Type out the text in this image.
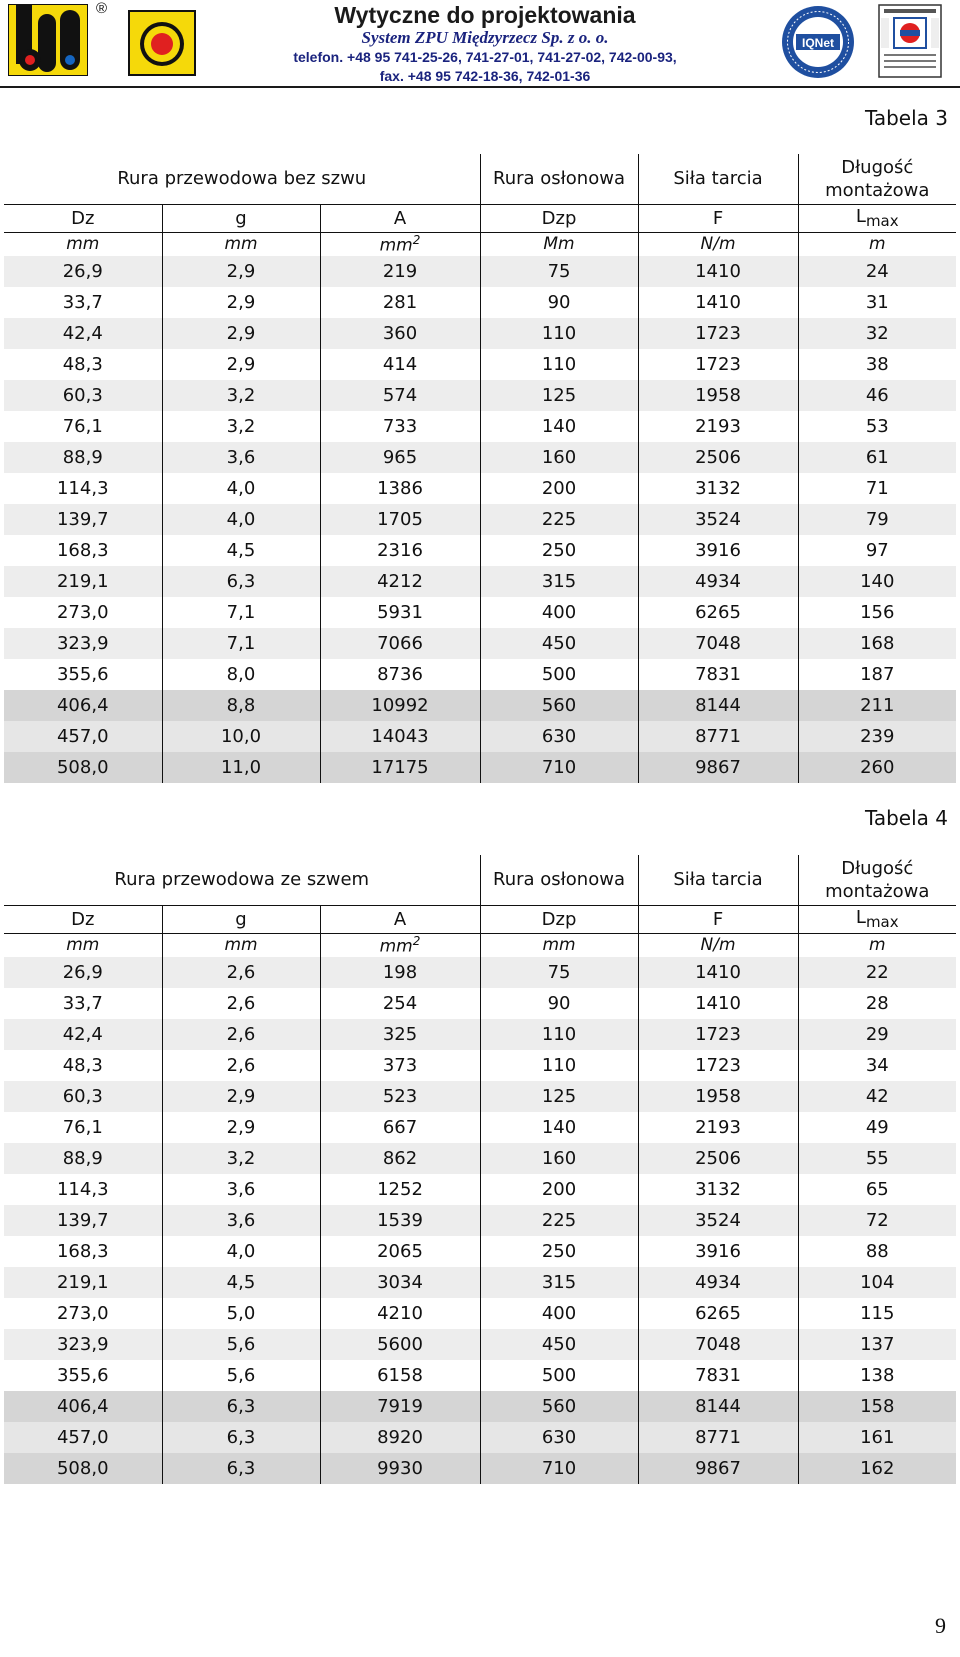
®	Wytyczne do projektowania
System ZPU Międzyrzecz Sp. z o. o.
telefon. +48 95 741-25-26, 741-27-01, 741-27-02, 742-00-93,
fax. +48 95 742-18-36, 742-01-36
IQNet
Tabela 3
Rura przewodowa bez szwu			Rura osłonowa	Siła tarcia	Długość montażowa
Dz	g	A	Dzp	F	$L_{max}$
mm	mm	$mm^2$	Mm	N/m	m
26,9	2,9	219	75	1410	24
33,7	2,9	281	90	1410	31
42,4	2,9	360	110	1723	32
48,3	2,9	414	110	1723	38
60,3	3,2	574	125	1958	46
76,1	3,2	733	140	2193	53
88,9	3,6	965	160	2506	61
114,3	4,0	1386	200	3132	71
139,7	4,0	1705	225	3524	79
168,3	4,5	2316	250	3916	97
219,1	6,3	4212	315	4934	140
273,0	7,1	5931	400	6265	156
323,9	7,1	7066	450	7048	168
355,6	8,0	8736	500	7831	187
406,4	8,8	10992	560	8144	211
457,0	10,0	14043	630	8771	239
508,0	11,0	17175	710	9867	260
Tabela 4
Rura przewodowa ze szwem			Rura osłonowa	Siła tarcia	Długość montażowa
Dz	g	A	Dzp	F	$L_{max}$
mm	mm	$mm^2$	mm	N/m	m
26,9	2,6	198	75	1410	22
33,7	2,6	254	90	1410	28
42,4	2,6	325	110	1723	29
48,3	2,6	373	110	1723	34
60,3	2,9	523	125	1958	42
76,1	2,9	667	140	2193	49
88,9	3,2	862	160	2506	55
114,3	3,6	1252	200	3132	65
139,7	3,6	1539	225	3524	72
168,3	4,0	2065	250	3916	88
219,1	4,5	3034	315	4934	104
273,0	5,0	4210	400	6265	115
323,9	5,6	5600	450	7048	137
355,6	5,6	6158	500	7831	138
406,4	6,3	7919	560	8144	158
457,0	6,3	8920	630	8771	161
508,0	6,3	9930	710	9867	162
9
